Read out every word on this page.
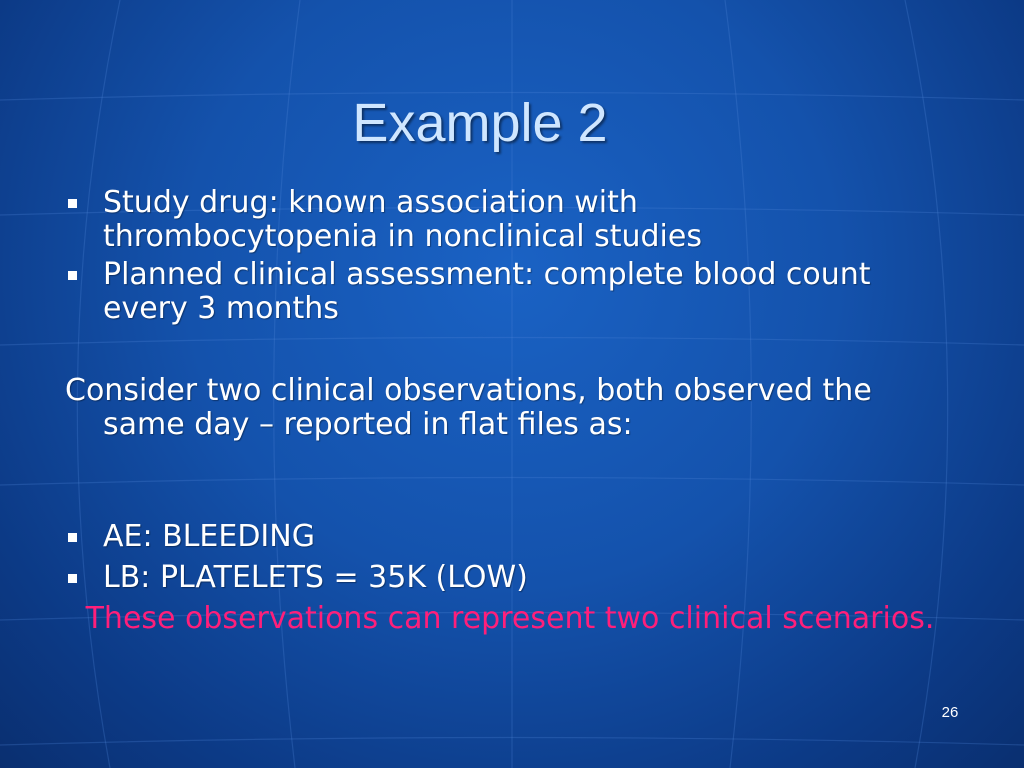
Example 2
Study drug: known association with thrombocytopenia in nonclinical studies
Planned clinical assessment: complete blood count every 3 months
Consider two clinical observations, both observed the same day – reported in flat files as:
AE: BLEEDING
LB: PLATELETS = 35K (LOW)
These observations can represent two clinical scenarios.
26
